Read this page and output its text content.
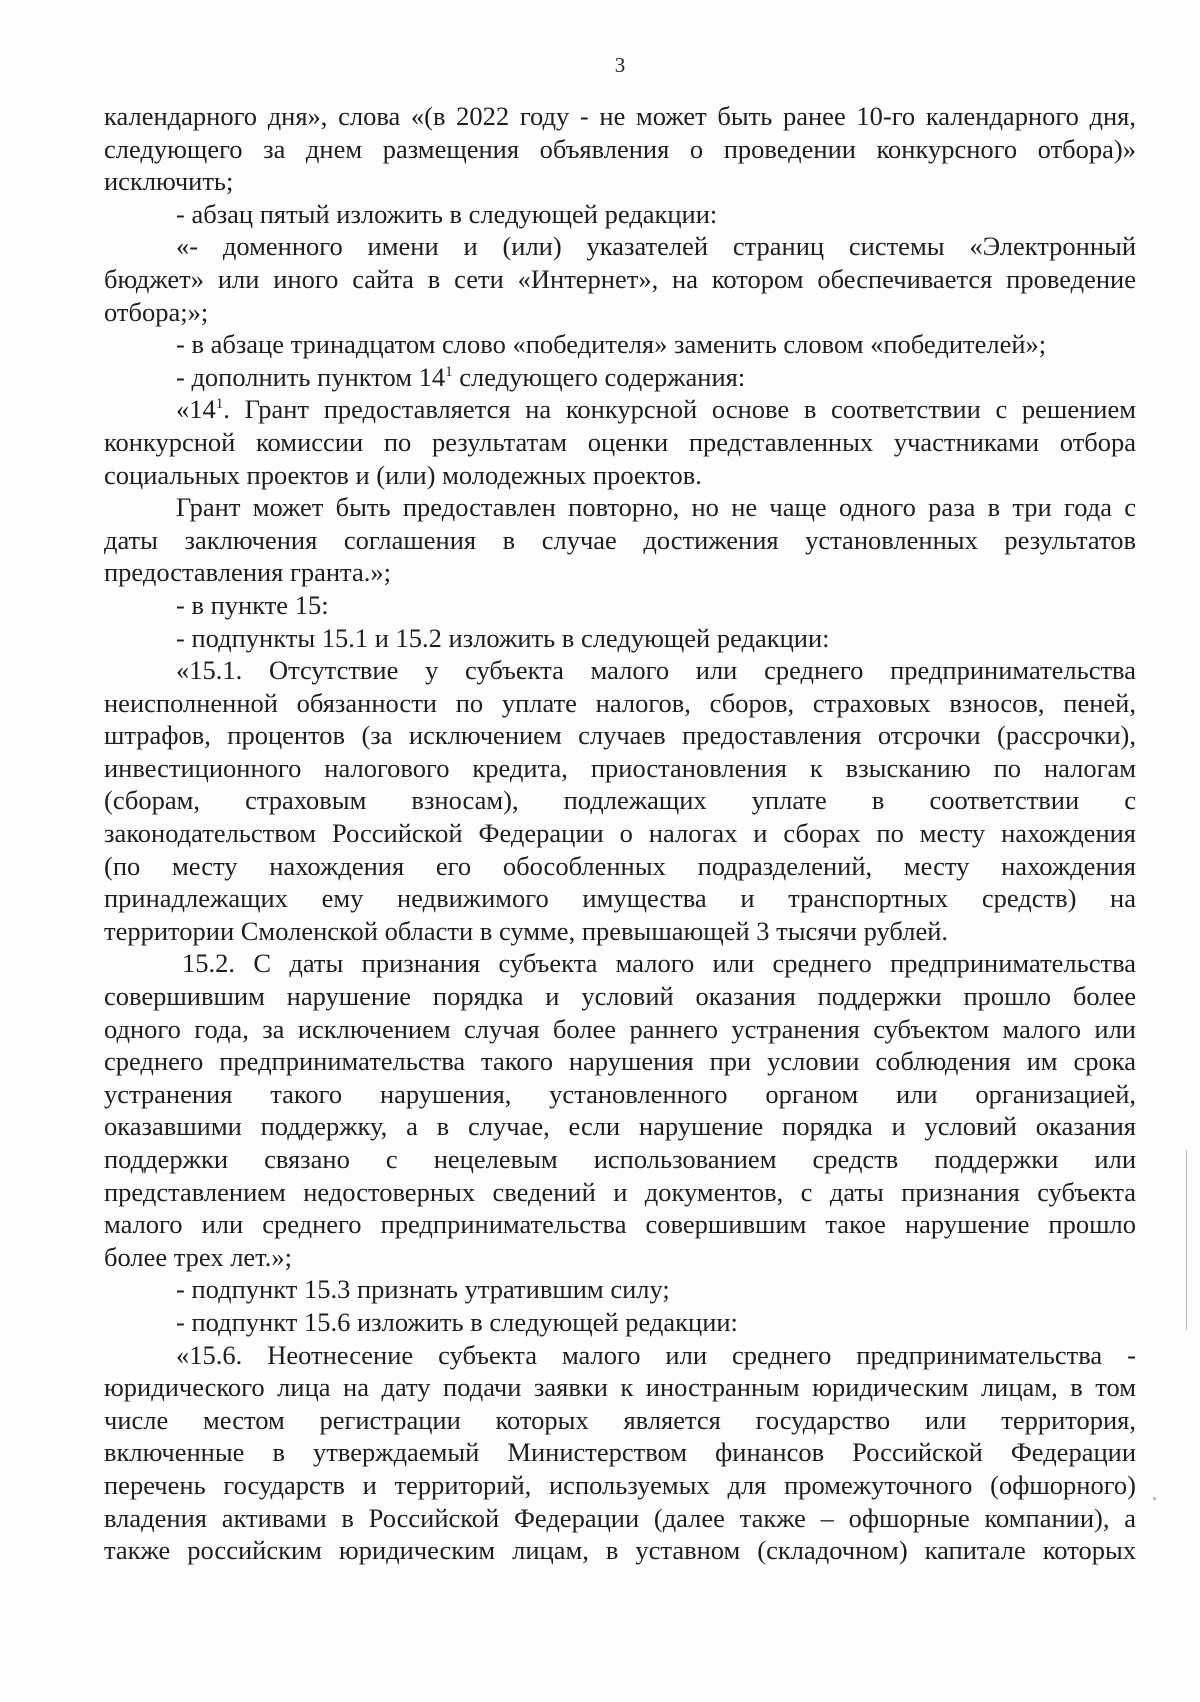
3
календарного дня», слова «(в 2022 году - не может быть ранее 10-го календарного дня,
следующего за днем размещения объявления о проведении конкурсного отбора)»
исключить;
- абзац пятый изложить в следующей редакции:
«- доменного имени и (или) указателей страниц системы «Электронный
бюджет» или иного сайта в сети «Интернет», на котором обеспечивается проведение
отбора;»;
- в абзаце тринадцатом слово «победителя» заменить словом «победителей»;
- дополнить пунктом $14^1$ следующего содержания:
«$14^1$. Грант предоставляется на конкурсной основе в соответствии с решением
конкурсной комиссии по результатам оценки представленных участниками отбора
социальных проектов и (или) молодежных проектов.
Грант может быть предоставлен повторно, но не чаще одного раза в три года с
даты заключения соглашения в случае достижения установленных результатов
предоставления гранта.»;
- в пункте 15:
- подпункты 15.1 и 15.2 изложить в следующей редакции:
«15.1. Отсутствие у субъекта малого или среднего предпринимательства
неисполненной обязанности по уплате налогов, сборов, страховых взносов, пеней,
штрафов, процентов (за исключением случаев предоставления отсрочки (рассрочки),
инвестиционного налогового кредита, приостановления к взысканию по налогам
(сборам, страховым взносам), подлежащих уплате в соответствии с
законодательством Российской Федерации о налогах и сборах по месту нахождения
(по месту нахождения его обособленных подразделений, месту нахождения
принадлежащих ему недвижимого имущества и транспортных средств) на
территории Смоленской области в сумме, превышающей 3 тысячи рублей.
15.2. С даты признания субъекта малого или среднего предпринимательства
совершившим нарушение порядка и условий оказания поддержки прошло более
одного года, за исключением случая более раннего устранения субъектом малого или
среднего предпринимательства такого нарушения при условии соблюдения им срока
устранения такого нарушения, установленного органом или организацией,
оказавшими поддержку, а в случае, если нарушение порядка и условий оказания
поддержки связано с нецелевым использованием средств поддержки или
представлением недостоверных сведений и документов, с даты признания субъекта
малого или среднего предпринимательства совершившим такое нарушение прошло
более трех лет.»;
- подпункт 15.3 признать утратившим силу;
- подпункт 15.6 изложить в следующей редакции:
«15.6. Неотнесение субъекта малого или среднего предпринимательства -
юридического лица на дату подачи заявки к иностранным юридическим лицам, в том
числе местом регистрации которых является государство или территория,
включенные в утверждаемый Министерством финансов Российской Федерации
перечень государств и территорий, используемых для промежуточного (офшорного)
владения активами в Российской Федерации (далее также – офшорные компании), а
также российским юридическим лицам, в уставном (складочном) капитале которых
